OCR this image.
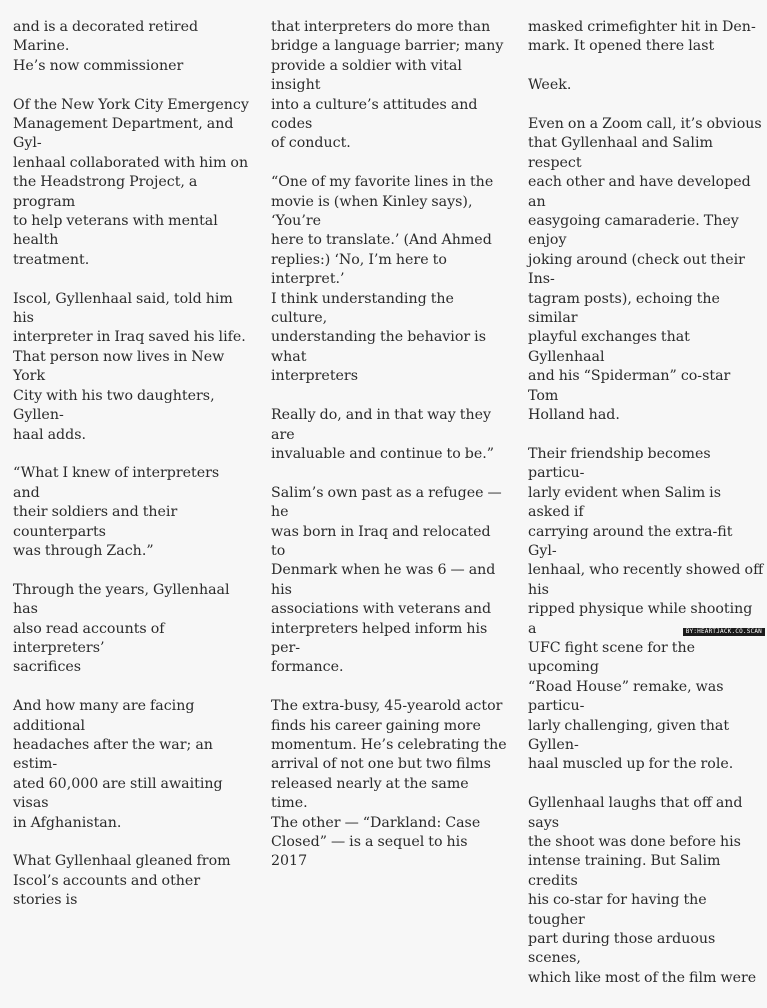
and is a decorated retired Marine.
He’s now commissioner

Of the New York City Emergency
Management Department, and Gyl-
lenhaal collaborated with him on
the Headstrong Project, a program
to help veterans with mental health
treatment.

Iscol, Gyllenhaal said, told him his
interpreter in Iraq saved his life.
That person now lives in New York
City with his two daughters, Gyllen-
haal adds.

“What I knew of interpreters and
their soldiers and their counterparts
was through Zach.”

Through the years, Gyllenhaal has
also read accounts of interpreters’
sacrifices

And how many are facing additional
headaches after the war; an estim-
ated 60,000 are still awaiting visas
in Afghanistan.

What Gyllenhaal gleaned from
Iscol’s accounts and other stories is

that interpreters do more than
bridge a language barrier; many
provide a soldier with vital insight
into a culture’s attitudes and codes
of conduct.

“One of my favorite lines in the
movie is (when Kinley says), ‘You’re
here to translate.’ (And Ahmed
replies:) ‘No, I’m here to interpret.’
I think understanding the culture,
understanding the behavior is what
interpreters

Really do, and in that way they are
invaluable and continue to be.”

Salim’s own past as a refugee — he
was born in Iraq and relocated to
Denmark when he was 6 — and his
associations with veterans and
interpreters helped inform his per-
formance.

The extra-busy, 45-yearold actor
finds his career gaining more
momentum. He’s celebrating the
arrival of not one but two films
released nearly at the same time.
The other — “Darkland: Case
Closed” — is a sequel to his 2017

masked crimefighter hit in Den-
mark. It opened there last

Week.

Even on a Zoom call, it’s obvious
that Gyllenhaal and Salim respect
each other and have developed an
easygoing camaraderie. They enjoy
joking around (check out their Ins-
tagram posts), echoing the similar
playful exchanges that Gyllenhaal
and his “Spiderman” co-star Tom
Holland had.

Their friendship becomes particu-
larly evident when Salim is asked if
carrying around the extra-fit Gyl-
lenhaal, who recently showed off his
ripped physique while shooting a
UFC fight scene for the upcoming
“Road House” remake, was particu-
larly challenging, given that Gyllen-
haal muscled up for the role.

Gyllenhaal laughs that off and says
the shoot was done before his
intense training. But Salim credits
his co-star for having the tougher
part during those arduous scenes,
which like most of the film were

BY:HEARTJACK.CO.SCAN
